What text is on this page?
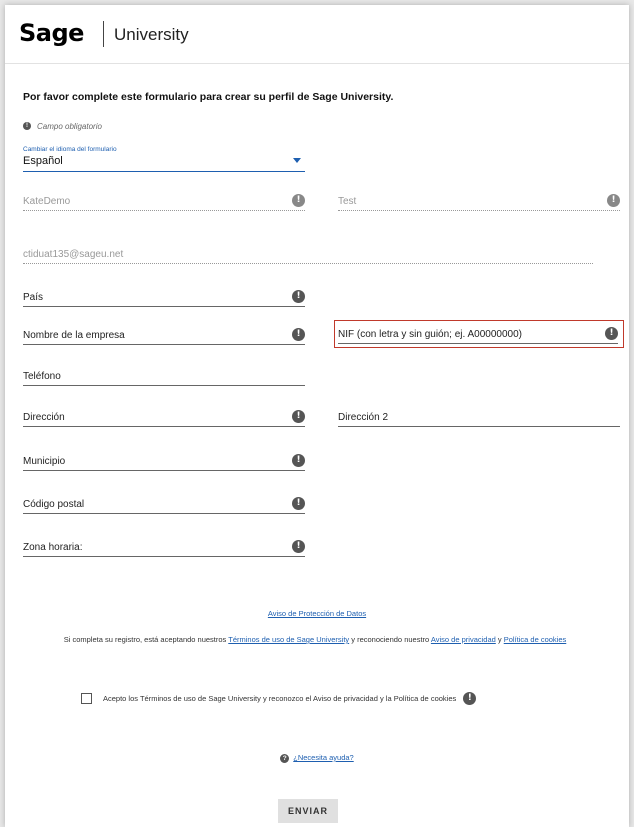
Sage University
Por favor complete este formulario para crear su perfil de Sage University.
!	Campo obligatorio
Cambiar el idioma del formulario
Español
KateDemo	!	Test	!
ctiduat135@sageu.net
País	!
Nombre de la empresa	!	NIF (con letra y sin guión; ej. A00000000)	!
Teléfono
Dirección	!	Dirección 2
Municipio	!
Código postal	!
Zona horaria:	!
Aviso de Protección de Datos
Si completa su registro, está aceptando nuestros Términos de uso de Sage University y reconociendo nuestro Aviso de privacidad y Política de cookies
Acepto los Términos de uso de Sage University y reconozco el Aviso de privacidad y la Política de cookies	!
? ¿Necesita ayuda?
ENVIAR
